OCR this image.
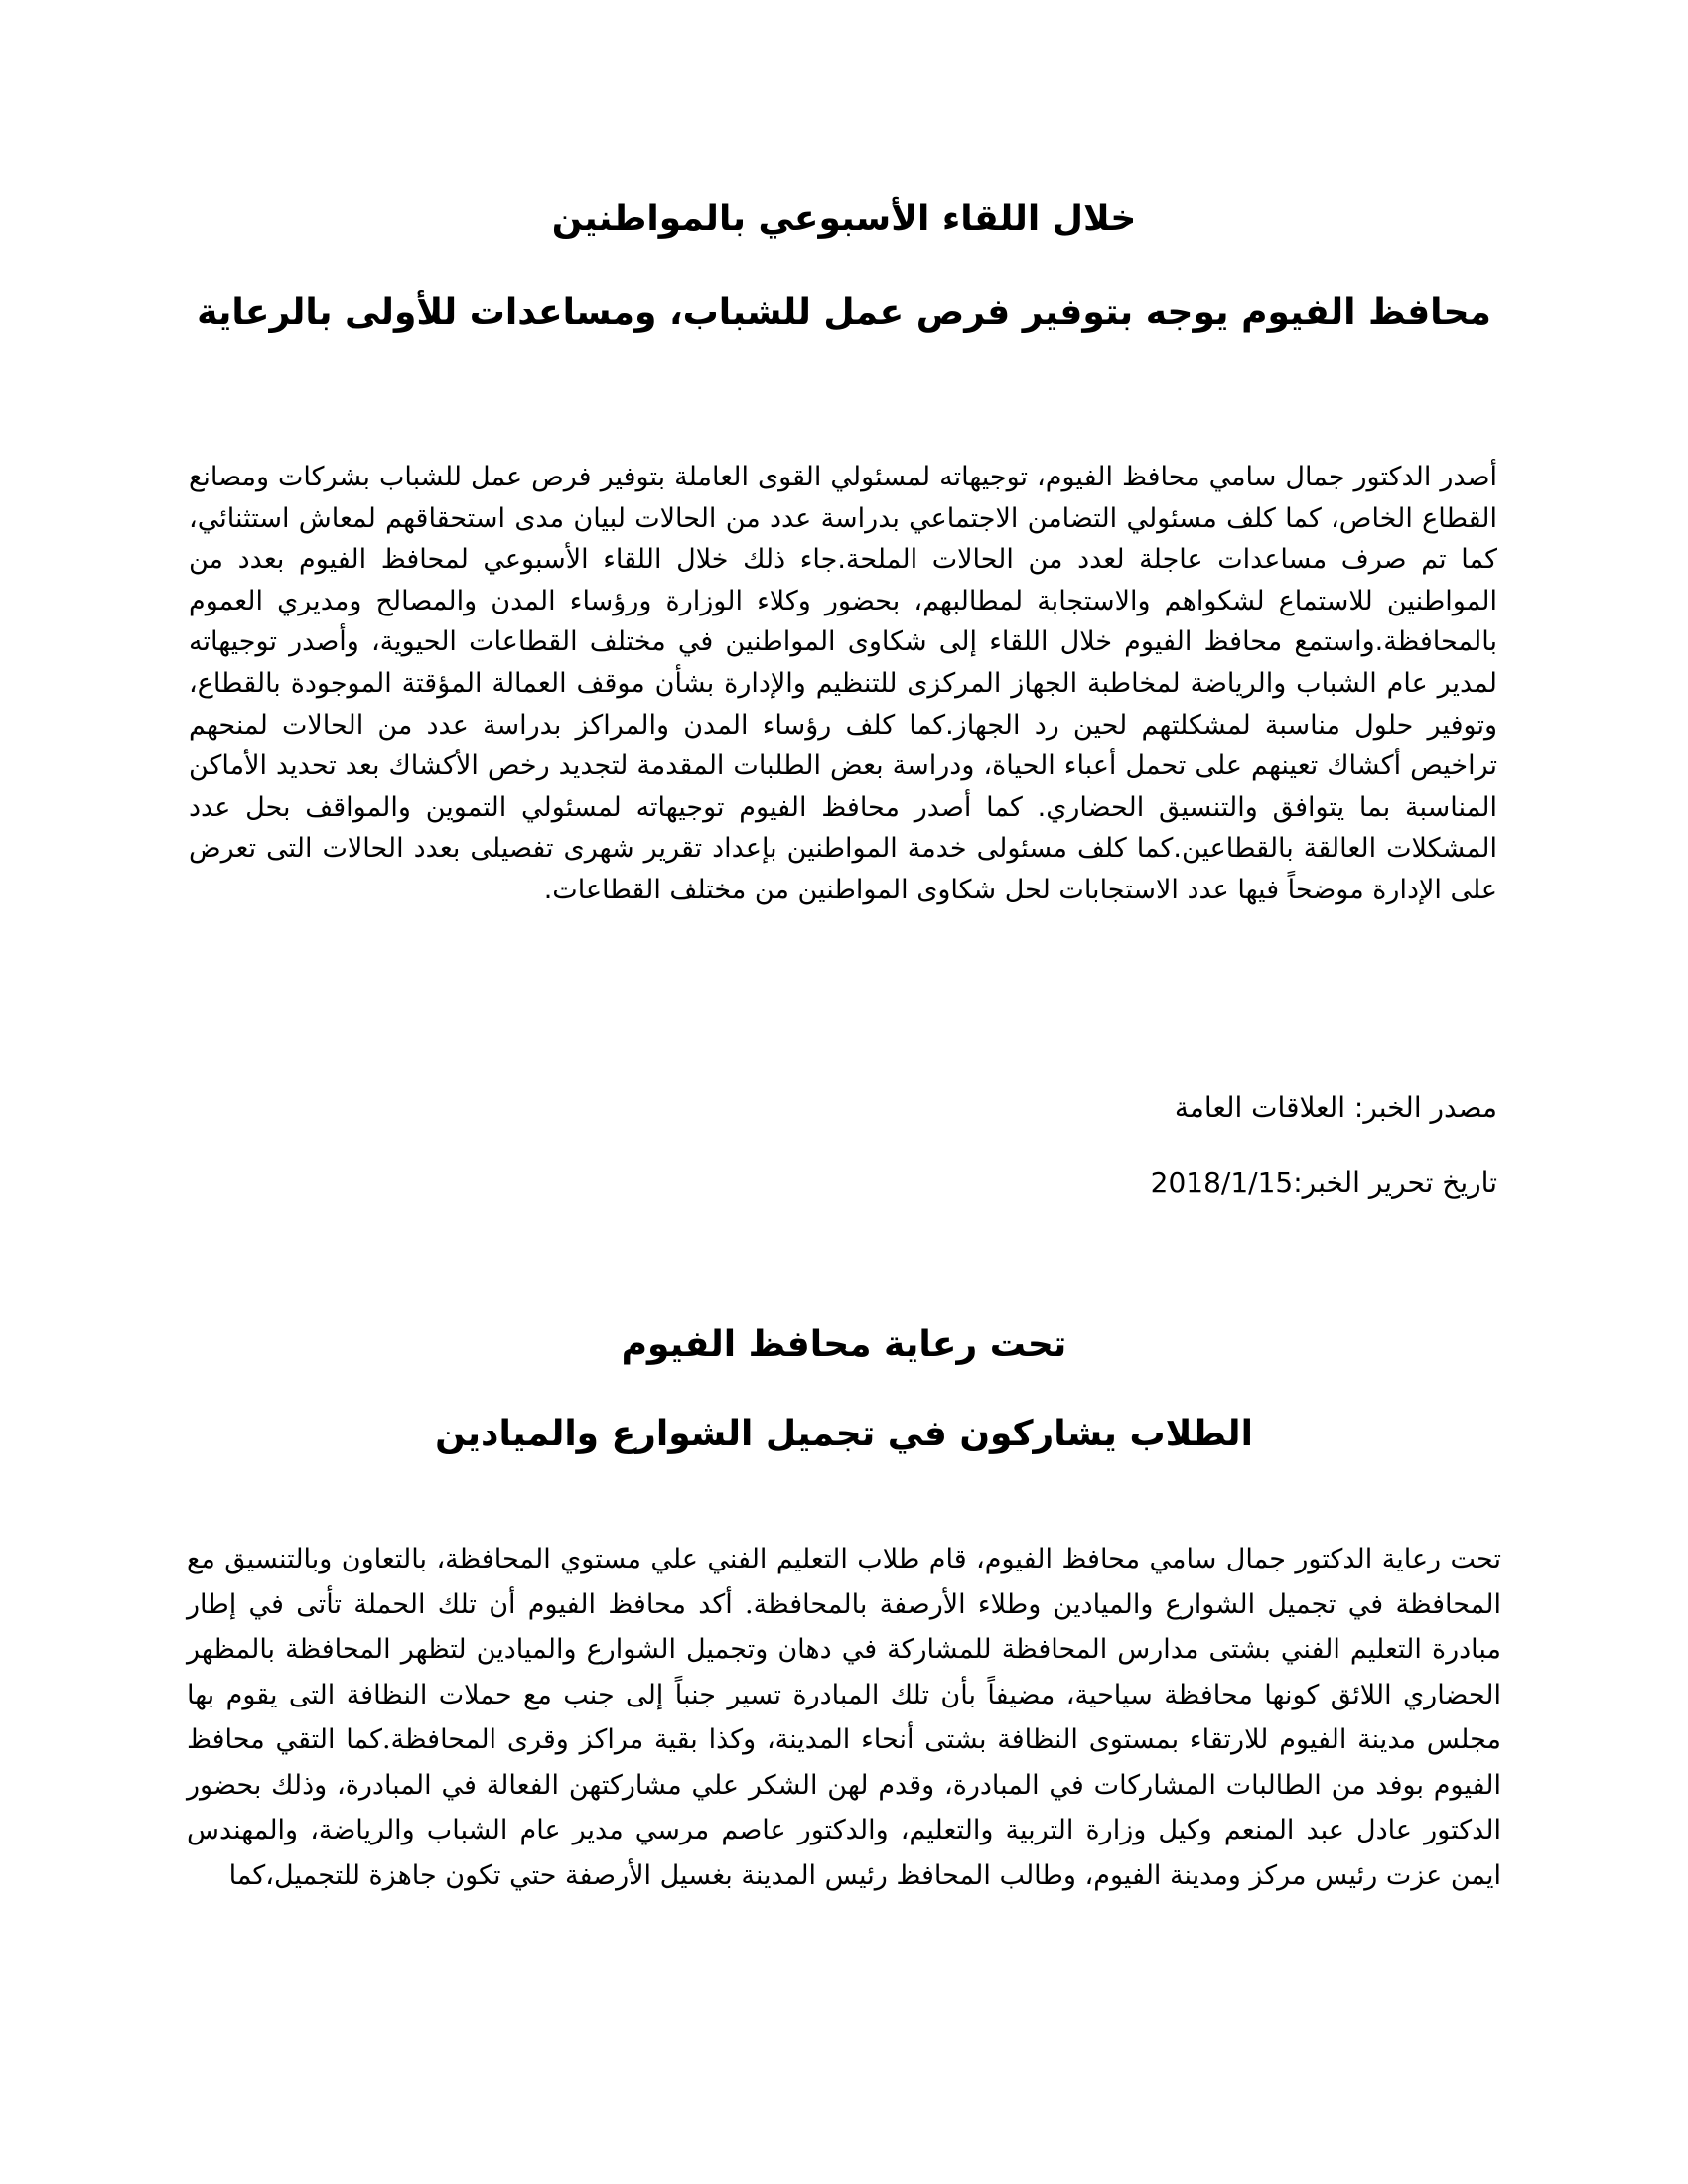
خلال اللقاء الأسبوعي بالمواطنين
محافظ الفيوم يوجه بتوفير فرص عمل للشباب، ومساعدات للأولى بالرعاية

أصدر الدكتور جمال سامي محافظ الفيوم، توجيهاته لمسئولي القوى العاملة بتوفير فرص عمل للشباب بشركات ومصانع القطاع الخاص، كما كلف مسئولي التضامن الاجتماعي بدراسة عدد من الحالات لبيان مدى استحقاقهم لمعاش استثنائي، كما تم صرف مساعدات عاجلة لعدد من الحالات الملحة.جاء ذلك خلال اللقاء الأسبوعي لمحافظ الفيوم بعدد من المواطنين للاستماع لشكواهم والاستجابة لمطالبهم، بحضور وكلاء الوزارة ورؤساء المدن والمصالح ومديري العموم بالمحافظة.واستمع محافظ الفيوم خلال اللقاء إلى شكاوى المواطنين في مختلف القطاعات الحيوية، وأصدر توجيهاته لمدير عام الشباب والرياضة لمخاطبة الجهاز المركزى للتنظيم والإدارة بشأن موقف العمالة المؤقتة الموجودة بالقطاع، وتوفير حلول مناسبة لمشكلتهم لحين رد الجهاز.كما كلف رؤساء المدن والمراكز بدراسة عدد من الحالات لمنحهم تراخيص أكشاك تعينهم على تحمل أعباء الحياة، ودراسة بعض الطلبات المقدمة لتجديد رخص الأكشاك بعد تحديد الأماكن المناسبة بما يتوافق والتنسيق الحضاري. كما أصدر محافظ الفيوم توجيهاته لمسئولي التموين والمواقف بحل عدد المشكلات العالقة بالقطاعين.كما كلف مسئولى خدمة المواطنين بإعداد تقرير شهرى تفصيلى بعدد الحالات التى تعرض على الإدارة موضحاً فيها عدد الاستجابات لحل شكاوى المواطنين من مختلف القطاعات.

مصدر الخبر: العلاقات العامة

تاريخ تحرير الخبر:2018/1/15

تحت رعاية محافظ الفيوم
الطلاب يشاركون في تجميل الشوارع والميادين

تحت رعاية الدكتور جمال سامي محافظ الفيوم، قام طلاب التعليم الفني علي مستوي المحافظة، بالتعاون وبالتنسيق مع المحافظة في تجميل الشوارع والميادين وطلاء الأرصفة بالمحافظة. أكد محافظ الفيوم أن تلك الحملة تأتى في إطار مبادرة التعليم الفني بشتى مدارس المحافظة للمشاركة في دهان وتجميل الشوارع والميادين لتظهر المحافظة بالمظهر الحضاري اللائق كونها محافظة سياحية، مضيفاً بأن تلك المبادرة تسير جنباً إلى جنب مع حملات النظافة التى يقوم بها مجلس مدينة الفيوم للارتقاء بمستوى النظافة بشتى أنحاء المدينة، وكذا بقية مراكز وقرى المحافظة.كما التقي محافظ الفيوم بوفد من الطالبات المشاركات في المبادرة، وقدم لهن الشكر علي مشاركتهن الفعالة في المبادرة، وذلك بحضور الدكتور عادل عبد المنعم وكيل وزارة التربية والتعليم، والدكتور عاصم مرسي مدير عام الشباب والرياضة، والمهندس ايمن عزت رئيس مركز ومدينة الفيوم، وطالب المحافظ رئيس المدينة بغسيل الأرصفة حتي تكون جاهزة للتجميل،كما
